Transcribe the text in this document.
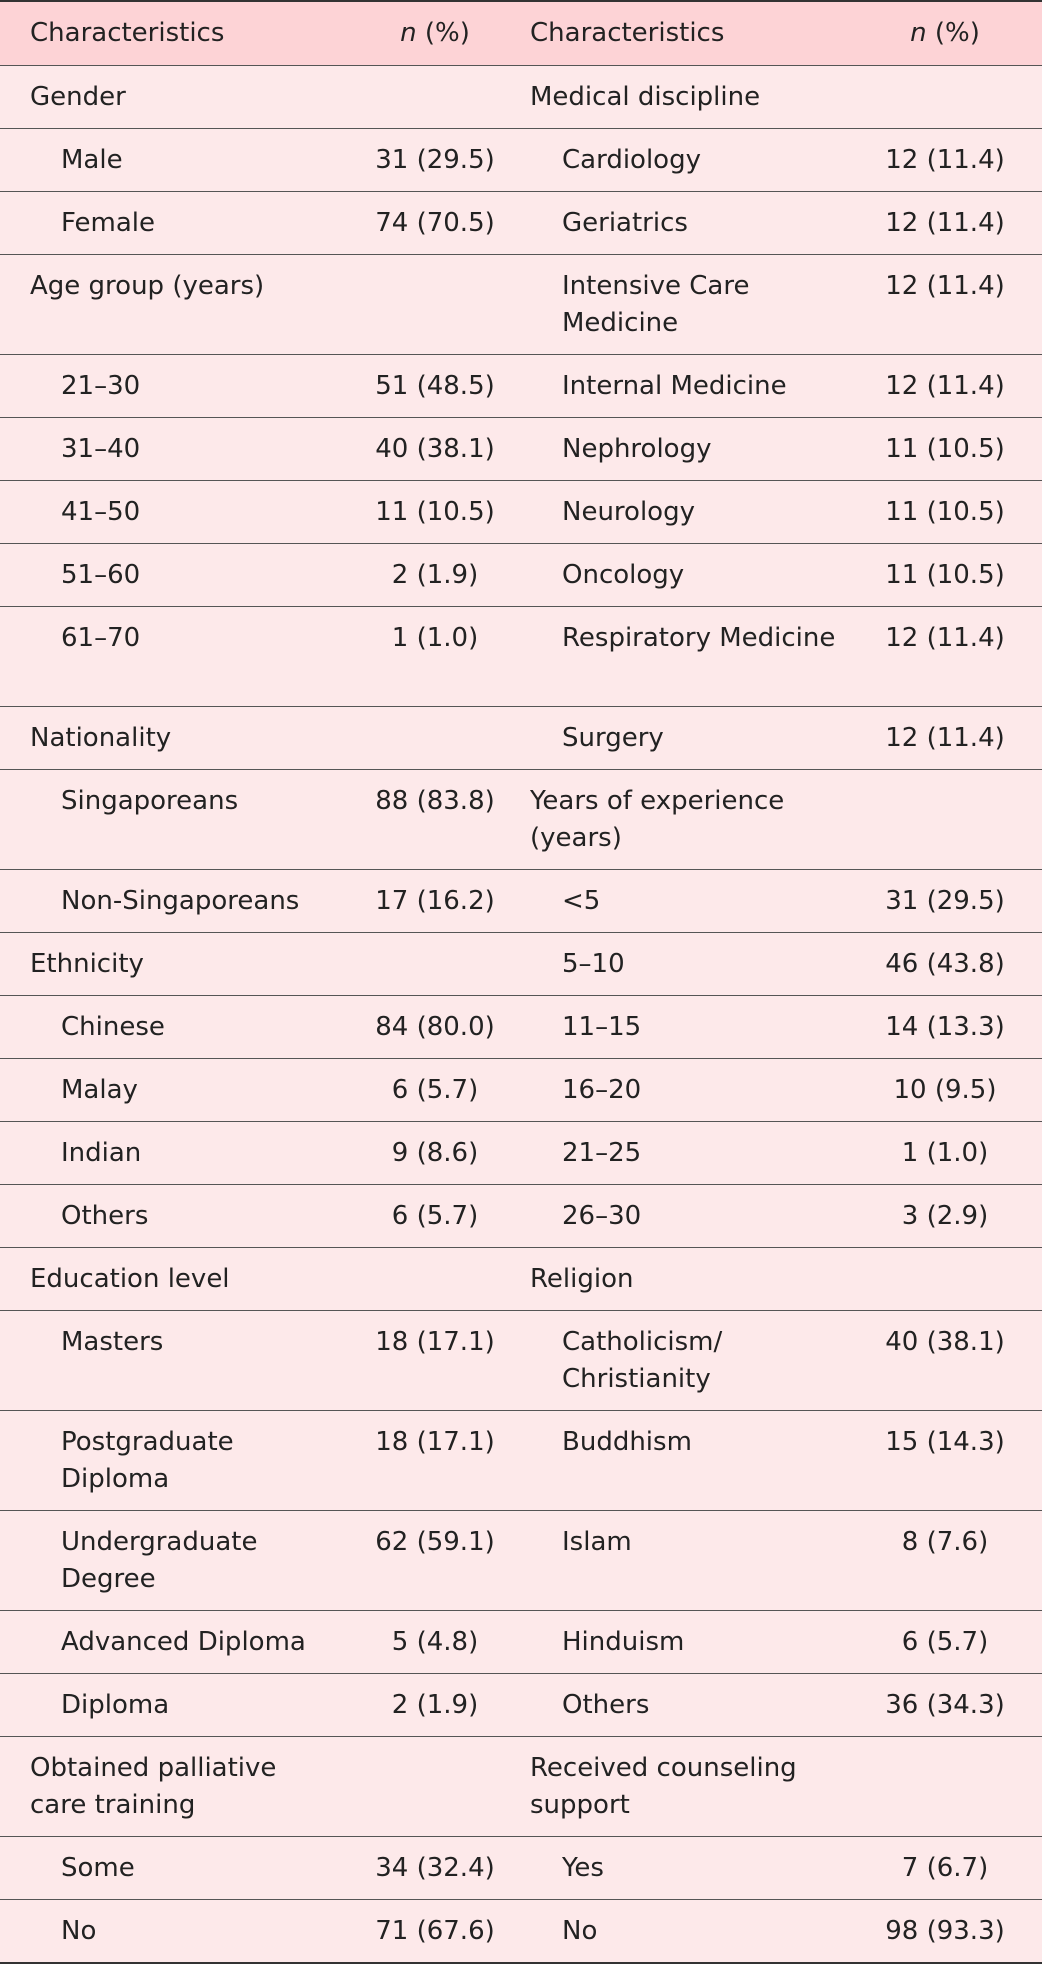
Characteristics	n (%)	Characteristics	n (%)

Gender		Medical discipline	

Male	31 (29.5)	Cardiology	12 (11.4)

Female	74 (70.5)	Geriatrics	12 (11.4)

Age group (years)		Intensive Care Medicine	12 (11.4)

21–30	51 (48.5)	Internal Medicine	12 (11.4)

31–40	40 (38.1)	Nephrology	11 (10.5)

41–50	11 (10.5)	Neurology	11 (10.5)

51–60	2 (1.9)	Oncology	11 (10.5)

61–70	1 (1.0)	Respiratory Medicine	12 (11.4)

Nationality		Surgery	12 (11.4)

Singaporeans	88 (83.8)	Years of experience (years)	

Non-Singaporeans	17 (16.2)	<5	31 (29.5)

Ethnicity		5–10	46 (43.8)

Chinese	84 (80.0)	11–15	14 (13.3)

Malay	6 (5.7)	16–20	10 (9.5)

Indian	9 (8.6)	21–25	1 (1.0)

Others	6 (5.7)	26–30	3 (2.9)

Education level		Religion	

Masters	18 (17.1)	Catholicism/ Christianity	40 (38.1)

Postgraduate Diploma	18 (17.1)	Buddhism	15 (14.3)

Undergraduate Degree	62 (59.1)	Islam	8 (7.6)

Advanced Diploma	5 (4.8)	Hinduism	6 (5.7)

Diploma	2 (1.9)	Others	36 (34.3)

Obtained palliative care training		Received counseling support	

Some	34 (32.4)	Yes	7 (6.7)

No	71 (67.6)	No	98 (93.3)
